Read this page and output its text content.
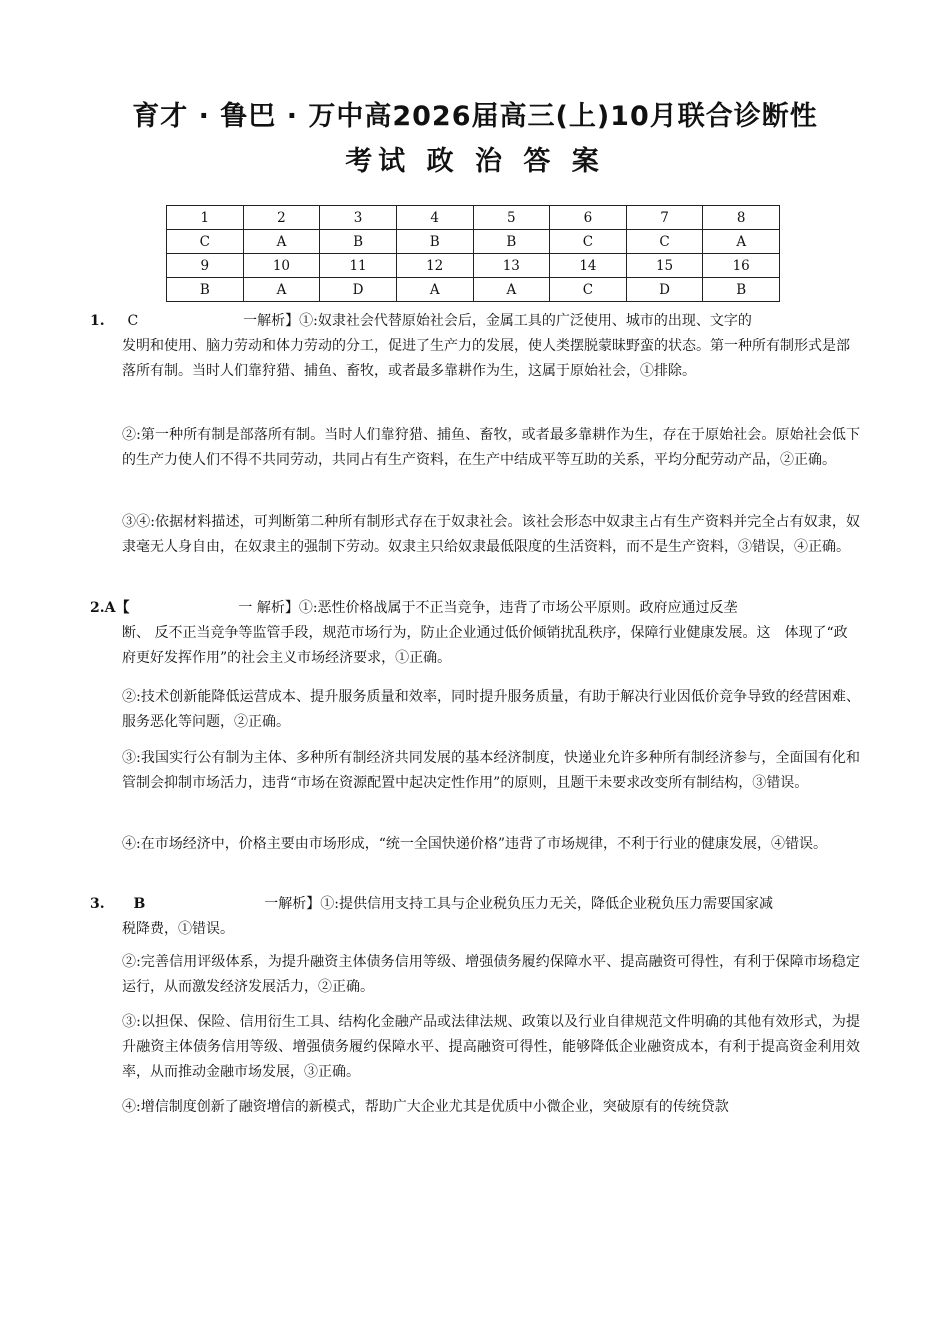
育才 · 鲁巴 · 万中高2026届高三(上)10月联合诊断性
考试 政 治 答 案
1	2	3	4	5	6	7	8
C	A	B	B	B	C	C	A
9	10	11	12	13	14	15	16
B	A	D	A	A	C	D	B
1. C	一解析】①:奴隶社会代替原始社会后，金属工具的广泛使用、城市的出现、文字的
发明和使用、脑力劳动和体力劳动的分工，促进了生产力的发展，使人类摆脱蒙昧野蛮的状态。第一种所有制形式是部落所有制。当时人们靠狩猎、捕鱼、畜牧，或者最多靠耕作为生，这属于原始社会，①排除。
②:第一种所有制是部落所有制。当时人们靠狩猎、捕鱼、畜牧，或者最多靠耕作为生，存在于原始社会。原始社会低下的生产力使人们不得不共同劳动，共同占有生产资料，在生产中结成平等互助的关系，平均分配劳动产品，②正确。
③④:依据材料描述，可判断第二种所有制形式存在于奴隶社会。该社会形态中奴隶主占有生产资料并完全占有奴隶，奴隶毫无人身自由，在奴隶主的强制下劳动。奴隶主只给奴隶最低限度的生活资料，而不是生产资料，③错误，④正确。
2.A【	一 解析】①:恶性价格战属于不正当竞争，违背了市场公平原则。政府应通过反垄
断、 反不正当竞争等监管手段，规范市场行为，防止企业通过低价倾销扰乱秩序，保障行业健康发展。这　体现了“政府更好发挥作用”的社会主义市场经济要求，①正确。
②:技术创新能降低运营成本、提升服务质量和效率，同时提升服务质量，有助于解决行业因低价竞争导致的经营困难、服务恶化等问题，②正确。
③:我国实行公有制为主体、多种所有制经济共同发展的基本经济制度，快递业允许多种所有制经济参与，全面国有化和管制会抑制市场活力，违背“市场在资源配置中起决定性作用”的原则，且题干未要求改变所有制结构，③错误。
④:在市场经济中，价格主要由市场形成，“统一全国快递价格”违背了市场规律，不利于行业的健康发展，④错误。
3. B	一解析】①:提供信用支持工具与企业税负压力无关，降低企业税负压力需要国家减
税降费，①错误。
②:完善信用评级体系，为提升融资主体债务信用等级、增强债务履约保障水平、提高融资可得性，有利于保障市场稳定运行，从而激发经济发展活力，②正确。
③:以担保、保险、信用衍生工具、结构化金融产品或法律法规、政策以及行业自律规范文件明确的其他有效形式，为提升融资主体债务信用等级、增强债务履约保障水平、提高融资可得性，能够降低企业融资成本，有利于提高资金利用效率，从而推动金融市场发展，③正确。
④:增信制度创新了融资增信的新模式，帮助广大企业尤其是优质中小微企业，突破原有的传统贷款
